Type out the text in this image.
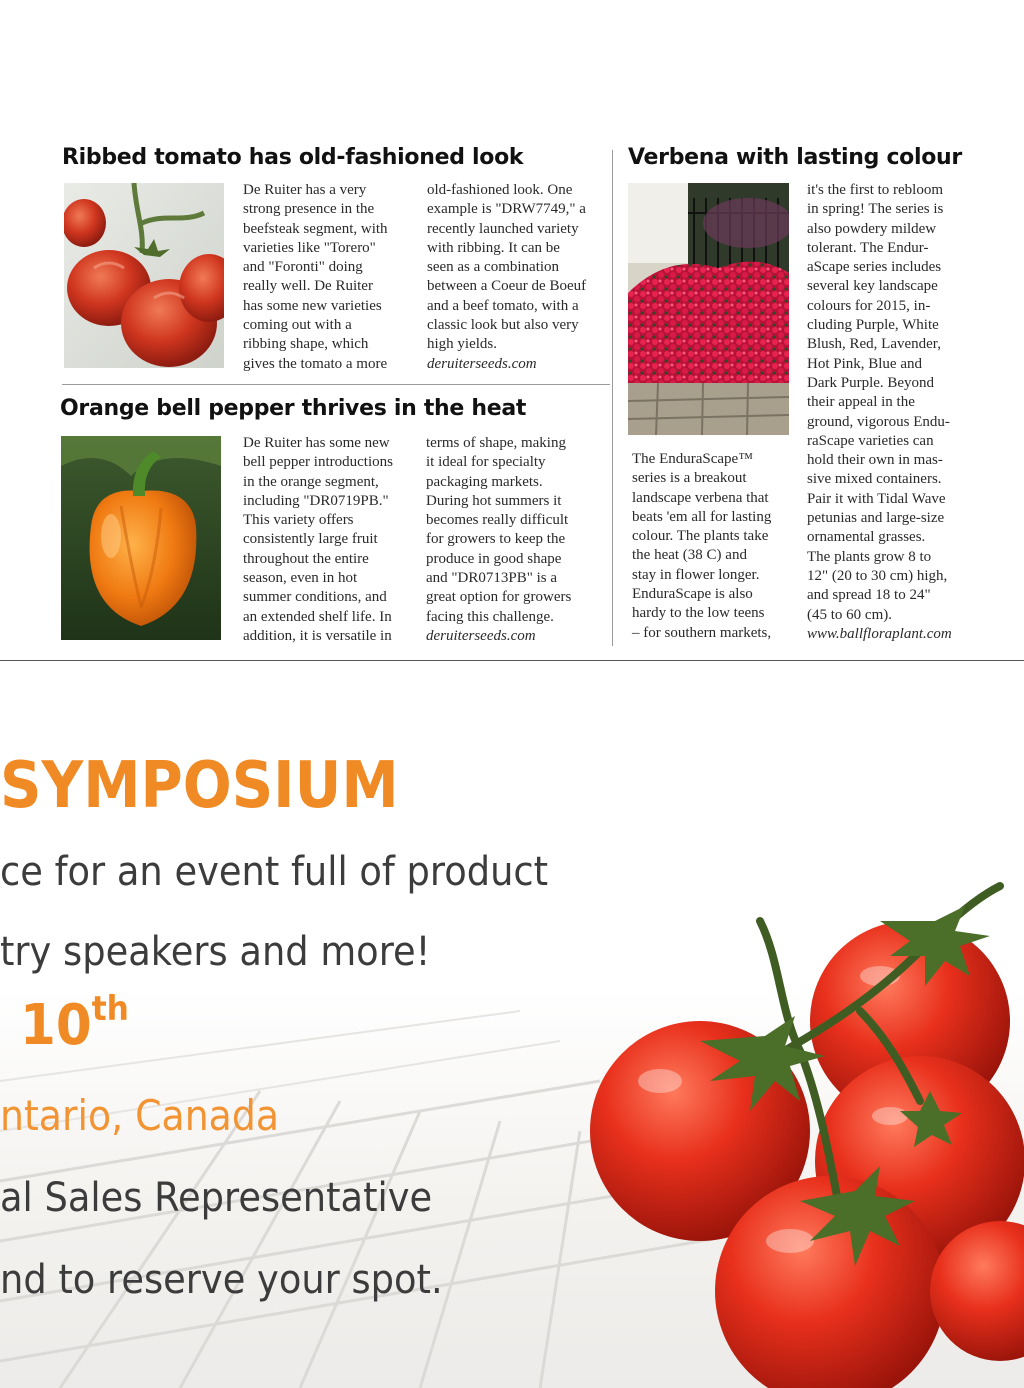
Ribbed tomato has old-fashioned look

De Ruiter has a very

strong presence in the

beefsteak segment, with

varieties like "Torero"

and "Foronti" doing

really well. De Ruiter

has some new varieties

coming out with a

ribbing shape, which

gives the tomato a more

old-fashioned look. One

example is "DRW7749," a

recently launched variety

with ribbing. It can be

seen as a combination

between a Coeur de Boeuf

and a beef tomato, with a

classic look but also very

high yields.

deruiterseeds.com

Orange bell pepper thrives in the heat

De Ruiter has some new

bell pepper introductions

in the orange segment,

including "DR0719PB."

This variety offers

consistently large fruit

throughout the entire

season, even in hot

summer conditions, and

an extended shelf life. In

addition, it is versatile in

terms of shape, making

it ideal for specialty

packaging markets.

During hot summers it

becomes really difficult

for growers to keep the

produce in good shape

and "DR0713PB" is a

great option for growers

facing this challenge.

deruiterseeds.com

Verbena with lasting colour

The EnduraScape™

series is a breakout

landscape verbena that

beats 'em all for lasting

colour. The plants take

the heat (38 C) and

stay in flower longer.

EnduraScape is also

hardy to the low teens

– for southern markets,

it's the first to rebloom

in spring! The series is

also powdery mildew

tolerant. The Endur-

aScape series includes

several key landscape

colours for 2015, in-

cluding Purple, White

Blush, Red, Lavender,

Hot Pink, Blue and

Dark Purple. Beyond

their appeal in the

ground, vigorous Endu-

raScape varieties can

hold their own in mas-

sive mixed containers.

Pair it with Tidal Wave

petunias and large-size

ornamental grasses.

The plants grow 8 to

12" (20 to 30 cm) high,

and spread 18 to 24"

(45 to 60 cm).

www.ballfloraplant.com

SYMPOSIUM
ce for an event full of product
try speakers and more!
10th
ntario, Canada
al Sales Representative
nd to reserve your spot.
